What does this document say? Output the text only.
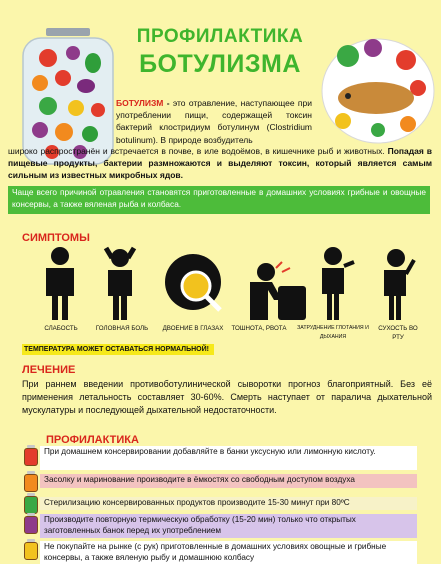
ПРОФИЛАКТИКА
БОТУЛИЗМА
БОТУЛИЗМ - это отравление, наступающее при употреблении пищи, содержащей токсин бактерий клостридиум ботулинум (Clostridium botulinum). В природе возбудитель
широко распространён и встречается в почве, в иле водоёмов, в кишечнике рыб и животных. Попадая в пищевые продукты, бактерии размножаются и выделяют токсин, который является самым сильным из известных микробных ядов.
Чаще всего причиной отравления становятся приготовленные в домашних условиях грибные и овощные консервы, а также вяленая рыба и колбаса.
СИМПТОМЫ
СЛАБОСТЬ	ГОЛОВНАЯ БОЛЬ	ДВОЕНИЕ В ГЛАЗАХ	ТОШНОТА, РВОТА	ЗАТРУДНЕНИЕ ГЛОТАНИЯ И ДЫХАНИЯ
СУХОСТЬ ВО РТУ
ТЕМПЕРАТУРА МОЖЕТ ОСТАВАТЬСЯ НОРМАЛЬНОЙ!
ЛЕЧЕНИЕ
При раннем введении противоботулинической сыворотки прогноз благоприятный. Без её применения летальность составляет 30-60%. Смерть наступает от паралича дыхательной мускулатуры и последующей дыхательной недостаточности.
ПРОФИЛАКТИКА
При домашнем консервировании добавляйте в банки уксусную или лимонную кислоту.
Засолку и маринование производите в ёмкостях со свободным доступом воздуха
Стерилизацию консервированных продуктов производите 15-30 минут при 80ºС
Производите повторную термическую обработку (15-20 мин) только что открытых заготовленных банок перед их употреблением
Не покупайте на рынке (с рук) приготовленные в домашних условиях овощные и грибные консервы, а также вяленую рыбу и домашнюю колбасу
